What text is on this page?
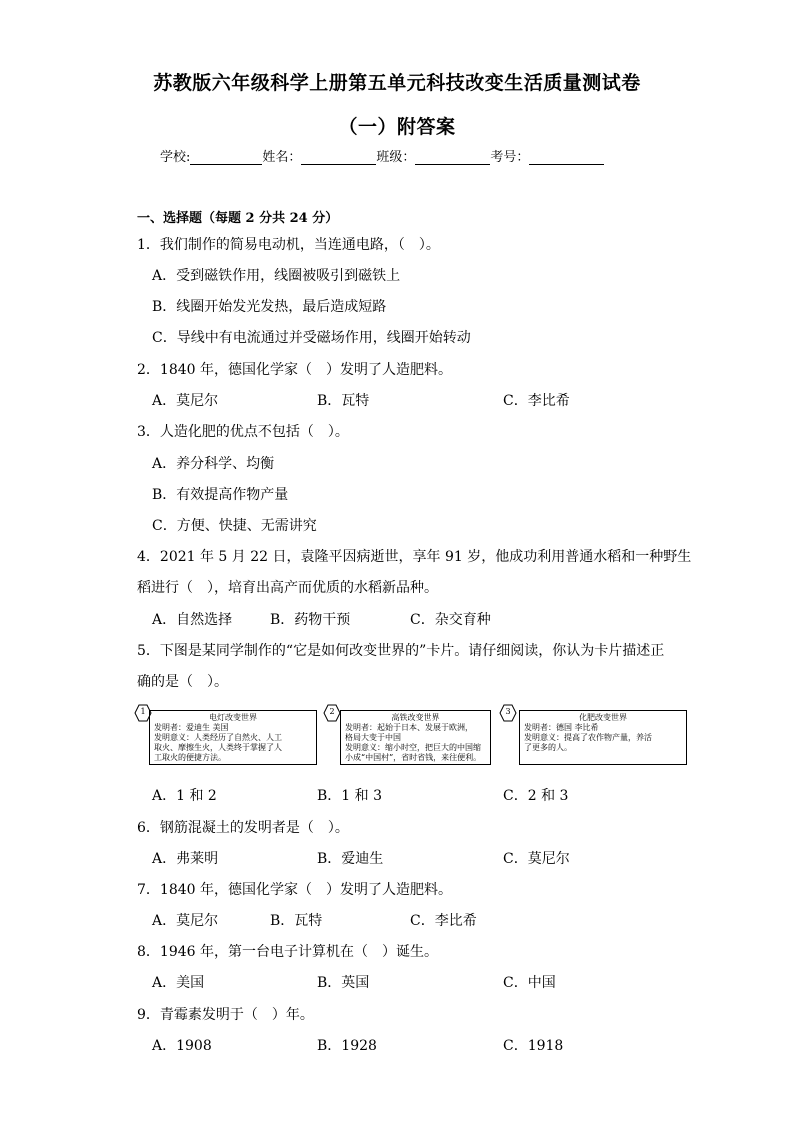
苏教版六年级科学上册第五单元科技改变生活质量测试卷
（一）附答案
学校:	姓名：	班级：	考号：
一、选择题（每题 2 分共 24 分）
1．我们制作的简易电动机，当连通电路，（　）。
A．受到磁铁作用，线圈被吸引到磁铁上
B．线圈开始发光发热，最后造成短路
C．导线中有电流通过并受磁场作用，线圈开始转动
2．1840 年，德国化学家（　）发明了人造肥料。
A．莫尼尔	B．瓦特	C．李比希
3．人造化肥的优点不包括（　）。
A．养分科学、均衡
B．有效提高作物产量
C．方便、快捷、无需讲究
4．2021 年 5 月 22 日，袁隆平因病逝世，享年 91 岁，他成功利用普通水稻和一种野生
稻进行（　），培育出高产而优质的水稻新品种。
A．自然选择	B．药物干预	C．杂交育种
5．下图是某同学制作的“它是如何改变世界的”卡片。请仔细阅读，你认为卡片描述正
确的是（　）。
1
电灯改变世界
发明者：爱迪生 美国
发明意义：人类经历了自然火、人工
取火、摩擦生火，人类终于掌握了人
工取火的便捷方法。
2
高铁改变世界
发明者：起始于日本、发展于欧洲，
格局大变于中国
发明意义：缩小时空，把巨大的中国缩
小成“中国村”，省时省钱，来往便利。
3
化肥改变世界
发明者：德国 李比希
发明意义：提高了农作物产量，养活
了更多的人。
A．1 和 2	B．1 和 3	C．2 和 3
6．钢筋混凝土的发明者是（　）。
A．弗莱明	B．爱迪生	C．莫尼尔
7．1840 年，德国化学家（　）发明了人造肥料。
A．莫尼尔	B．瓦特	C．李比希
8．1946 年，第一台电子计算机在（　）诞生。
A．美国	B．英国	C．中国
9．青霉素发明于（　）年。
A．1908	B．1928	C．1918
